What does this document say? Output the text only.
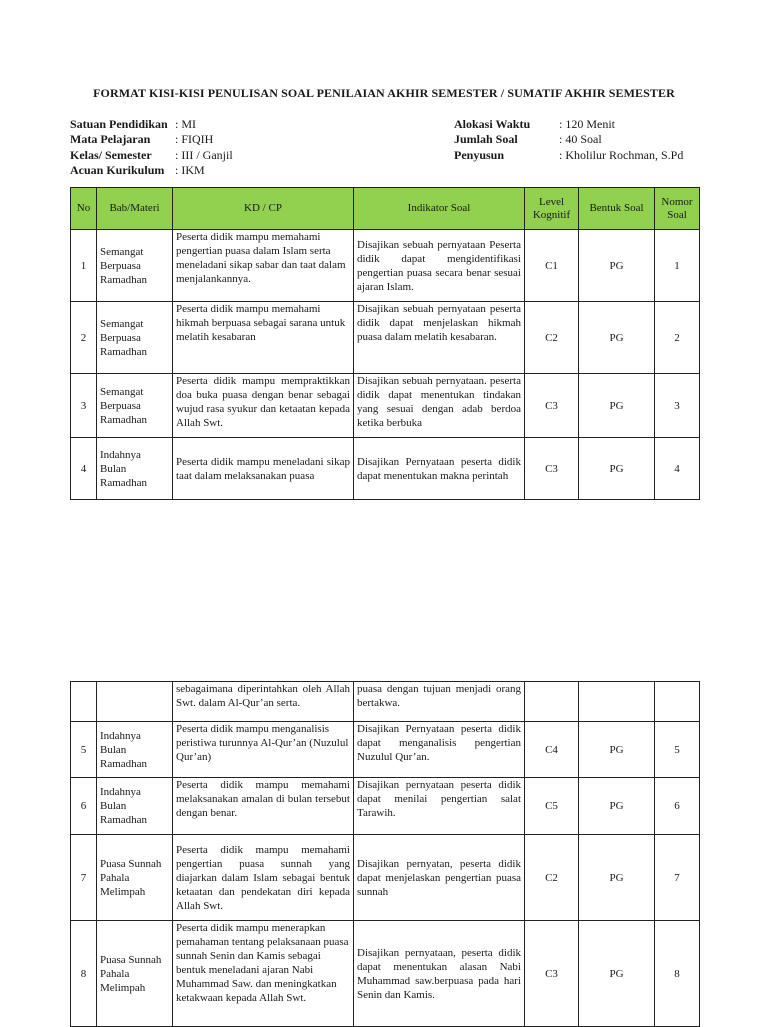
FORMAT KISI-KISI PENULISAN SOAL PENILAIAN AKHIR SEMESTER / SUMATIF AKHIR SEMESTER
Satuan Pendidikan : MI
Mata Pelajaran	: FIQIH
Kelas/ Semester	: III / Ganjil
Acuan Kurikulum : IKM
Alokasi Waktu	: 120 Menit
Jumlah Soal	: 40 Soal
Penyusun	: Kholilur Rochman, S.Pd
No	Bab/Materi	KD / CP	Indikator Soal	Level Kognitif	Bentuk Soal	Nomor Soal
1	Semangat Berpuasa Ramadhan	Peserta didik mampu memahami pengertian puasa dalam Islam serta meneladani sikap sabar dan taat dalam menjalankannya.	Disajikan sebuah pernyataan Peserta didik dapat mengidentifikasi pengertian puasa secara benar sesuai ajaran Islam.	C1	PG	1
2	Semangat Berpuasa Ramadhan	Peserta didik mampu memahami hikmah berpuasa sebagai sarana untuk melatih kesabaran	Disajikan sebuah pernyataan peserta didik dapat menjelaskan hikmah puasa dalam melatih kesabaran.	C2	PG	2
3	Semangat Berpuasa Ramadhan	Peserta didik mampu mempraktikkan doa buka puasa dengan benar sebagai wujud rasa syukur dan ketaatan kepada Allah Swt.	Disajikan sebuah pernyataan. peserta didik dapat menentukan tindakan yang sesuai dengan adab berdoa ketika berbuka	C3	PG	3
4	Indahnya Bulan Ramadhan	Peserta didik mampu meneladani sikap taat dalam melaksanakan puasa	Disajikan Pernyataan peserta didik dapat menentukan makna perintah	C3	PG	4
		sebagaimana diperintahkan oleh Allah Swt. dalam Al-Qur’an serta.	puasa dengan tujuan menjadi orang bertakwa.			
5	Indahnya Bulan Ramadhan	Peserta didik mampu menganalisis peristiwa turunnya Al-Qur’an (Nuzulul Qur’an)	Disajikan Pernyataan peserta didik dapat menganalisis pengertian Nuzulul Qur’an.	C4	PG	5
6	Indahnya Bulan Ramadhan	Peserta didik mampu memahami melaksanakan amalan di bulan tersebut dengan benar.	Disajikan pernyataan peserta didik dapat menilai pengertian salat Tarawih.	C5	PG	6
7	Puasa Sunnah Pahala Melimpah	Peserta didik mampu memahami pengertian puasa sunnah yang diajarkan dalam Islam sebagai bentuk ketaatan dan pendekatan diri kepada Allah Swt.	Disajikan pernyatan, peserta didik dapat menjelaskan pengertian puasa sunnah	C2	PG	7
8	Puasa Sunnah Pahala Melimpah	Peserta didik mampu menerapkan pemahaman tentang pelaksanaan puasa sunnah Senin dan Kamis sebagai bentuk meneladani ajaran Nabi Muhammad Saw. dan meningkatkan ketakwaan kepada Allah Swt.	Disajikan pernyataan, peserta didik dapat menentukan alasan Nabi Muhammad saw.berpuasa pada hari Senin dan Kamis.	C3	PG	8
